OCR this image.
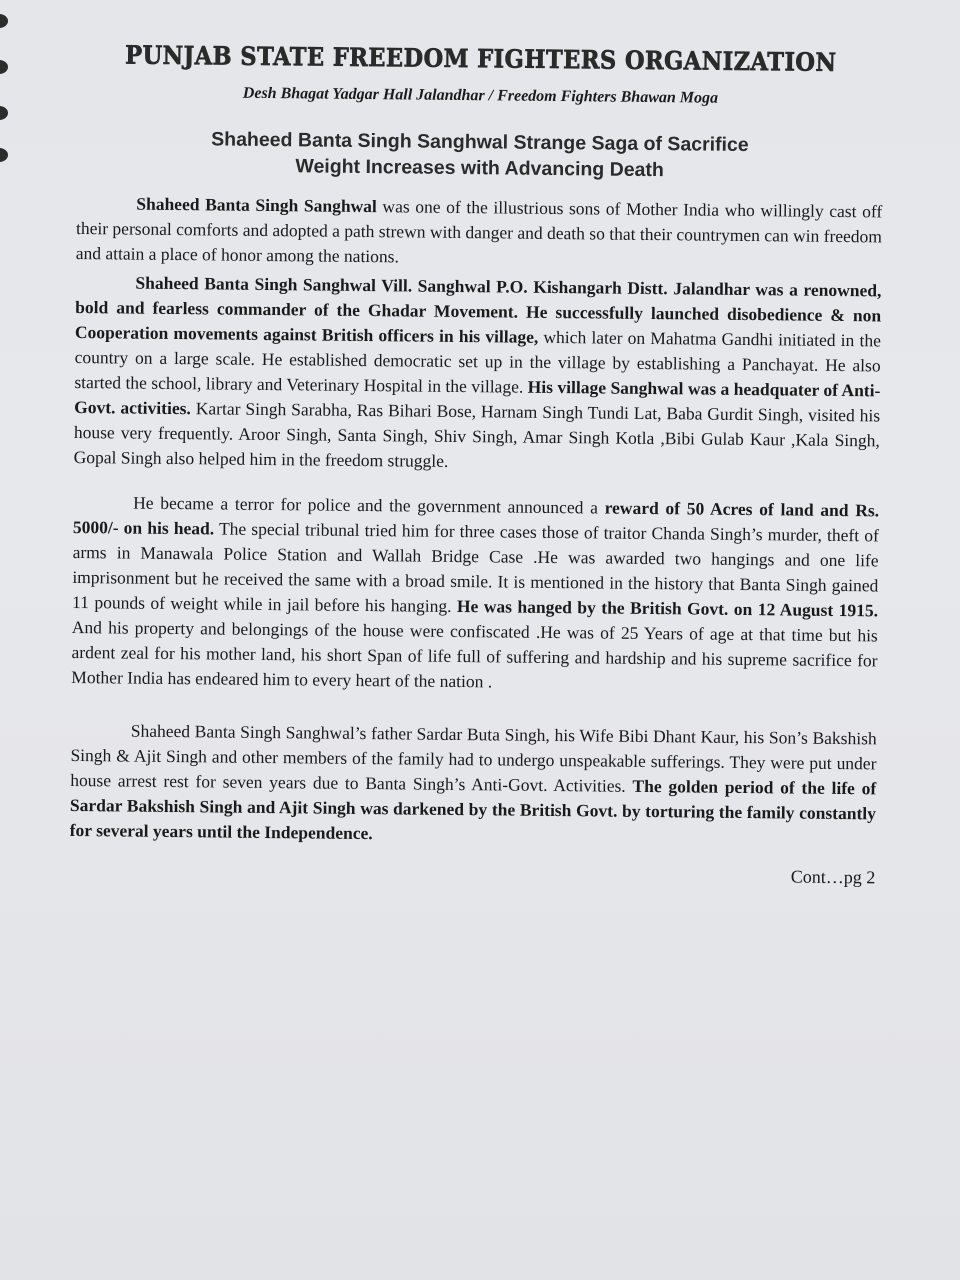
PUNJAB STATE FREEDOM FIGHTERS ORGANIZATION
Desh Bhagat Yadgar Hall Jalandhar / Freedom Fighters Bhawan Moga
Shaheed Banta Singh Sanghwal Strange Saga of Sacrifice
Weight Increases with Advancing Death

Shaheed Banta Singh Sanghwal was one of the illustrious sons of Mother India who willingly cast off their personal comforts and adopted a path strewn with danger and death so that their countrymen can win freedom and attain a place of honor among the nations.

Shaheed Banta Singh Sanghwal Vill. Sanghwal P.O. Kishangarh Distt. Jalandhar was a renowned, bold and fearless commander of the Ghadar Movement. He successfully launched disobedience & non Cooperation movements against British officers in his village, which later on Mahatma Gandhi initiated in the country on a large scale. He established democratic set up in the village by establishing a Panchayat. He also started the school, library and Veterinary Hospital in the village. His village Sanghwal was a headquater of Anti-Govt. activities. Kartar Singh Sarabha, Ras Bihari Bose, Harnam Singh Tundi Lat, Baba Gurdit Singh, visited his house very frequently. Aroor Singh, Santa Singh, Shiv Singh, Amar Singh Kotla ,Bibi Gulab Kaur ,Kala Singh, Gopal Singh also helped him in the freedom struggle.

He became a terror for police and the government announced a reward of 50 Acres of land and Rs. 5000/- on his head. The special tribunal tried him for three cases those of traitor Chanda Singh’s murder, theft of arms in Manawala Police Station and Wallah Bridge Case .He was awarded two hangings and one life imprisonment but he received the same with a broad smile. It is mentioned in the history that Banta Singh gained 11 pounds of weight while in jail before his hanging. He was hanged by the British Govt. on 12 August 1915. And his property and belongings of the house were confiscated .He was of 25 Years of age at that time but his ardent zeal for his mother land, his short Span of life full of suffering and hardship and his supreme sacrifice for Mother India has endeared him to every heart of the nation .

Shaheed Banta Singh Sanghwal’s father Sardar Buta Singh, his Wife Bibi Dhant Kaur, his Son’s Bakshish Singh & Ajit Singh and other members of the family had to undergo unspeakable sufferings. They were put under house arrest rest for seven years due to Banta Singh’s Anti-Govt. Activities. The golden period of the life of Sardar Bakshish Singh and Ajit Singh was darkened by the British Govt. by torturing the family constantly for several years until the Independence.

Cont…pg 2
